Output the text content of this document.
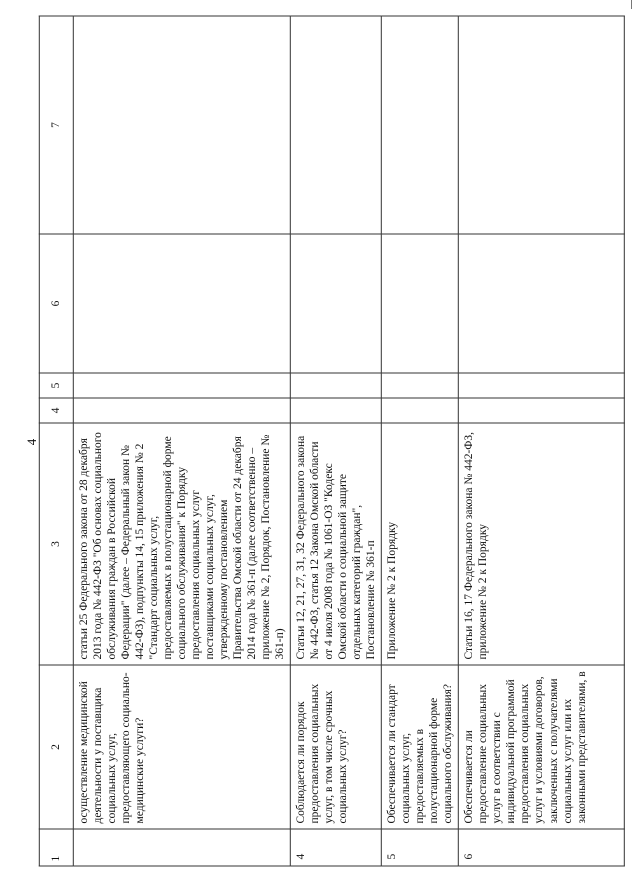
4
1	2	3	4	5	6	7
	осуществление медицинской деятельности у поставщика социальных услуг, предоставляющего социально-медицинские услуги?	статьи 25 Федерального закона от 28 декабря 2013 года № 442-ФЗ "Об основах социального обслуживания граждан в Российской Федерации" (далее – Федеральный закон № 442-ФЗ), подпункты 14, 15 приложения № 2 "Стандарт социальных услуг, предоставляемых в полустационарной форме социального обслуживания" к Порядку предоставления социальных услуг поставщиками социальных услуг, утвержденному постановлением Правительства Омской области от 24 декабря 2014 года № 361-п (далее соответственно – приложение № 2, Порядок, Постановление № 361-п)				
4	Соблюдается ли порядок предоставления социальных услуг, в том числе срочных социальных услуг?	Статьи 12, 21, 27, 31, 32 Федерального закона № 442-ФЗ, статья 12 Закона Омской области от 4 июля 2008 года № 1061-ОЗ "Кодекс Омской области о социальной защите отдельных категорий граждан", Постановление № 361-п				
5	Обеспечивается ли стандарт социальных услуг, предоставляемых в полустационарной форме социального обслуживания?	Приложение № 2 к Порядку				
6	Обеспечивается ли предоставление социальных услуг в соответствии с индивидуальной программой предоставления социальных услуг и условиями договоров, заключенных с получателями социальных услуг или их законными представителями, в	Статьи 16, 17 Федерального закона № 442-ФЗ, приложение № 2 к Порядку				
